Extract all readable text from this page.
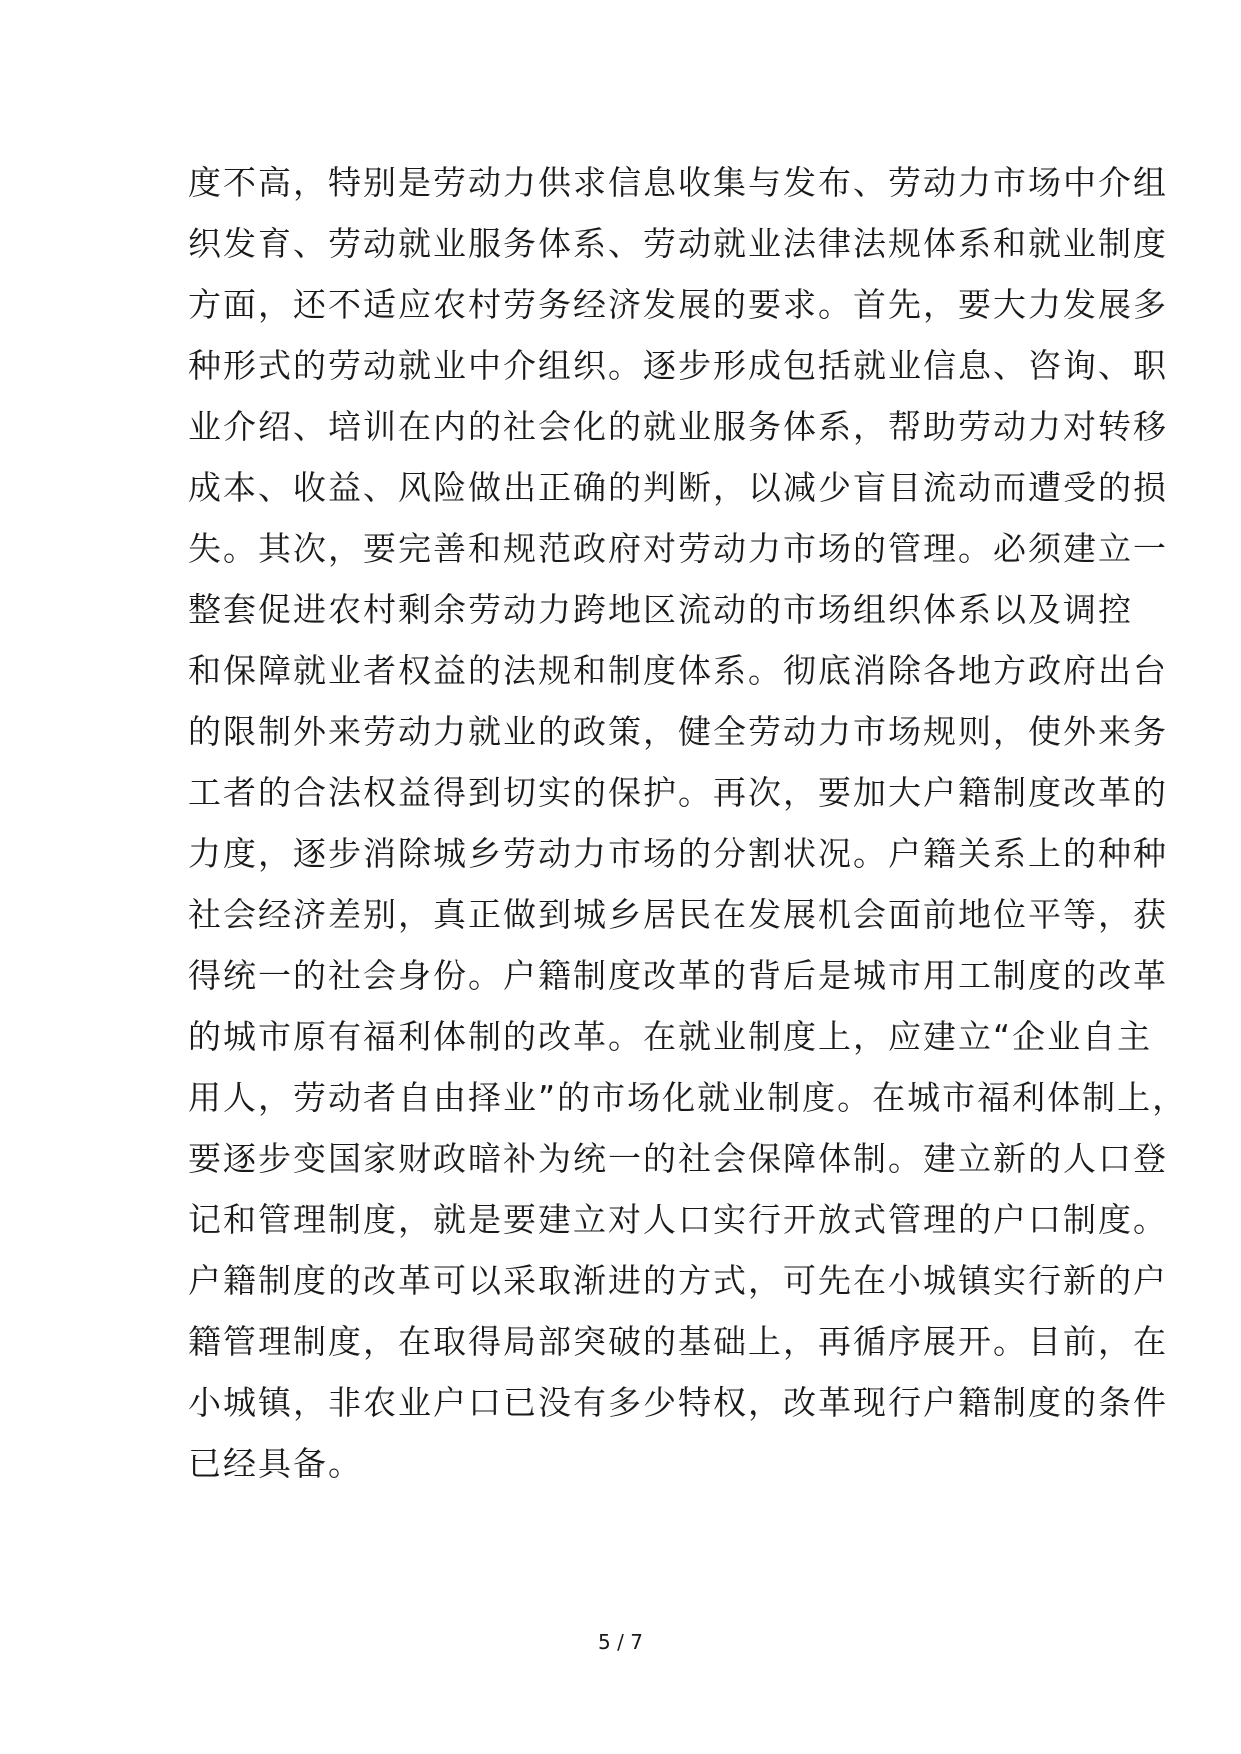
度不高，特别是劳动力供求信息收集与发布、劳动力市场中介组
织发育、劳动就业服务体系、劳动就业法律法规体系和就业制度
方面，还不适应农村劳务经济发展的要求。首先，要大力发展多
种形式的劳动就业中介组织。逐步形成包括就业信息、咨询、职
业介绍、培训在内的社会化的就业服务体系，帮助劳动力对转移
成本、收益、风险做出正确的判断，以减少盲目流动而遭受的损
失。其次，要完善和规范政府对劳动力市场的管理。必须建立一
整套促进农村剩余劳动力跨地区流动的市场组织体系以及调控
和保障就业者权益的法规和制度体系。彻底消除各地方政府出台
的限制外来劳动力就业的政策，健全劳动力市场规则，使外来务
工者的合法权益得到切实的保护。再次，要加大户籍制度改革的
力度，逐步消除城乡劳动力市场的分割状况。户籍关系上的种种
社会经济差别，真正做到城乡居民在发展机会面前地位平等，获
得统一的社会身份。户籍制度改革的背后是城市用工制度的改革
的城市原有福利体制的改革。在就业制度上，应建立“企业自主
用人，劳动者自由择业”的市场化就业制度。在城市福利体制上，
要逐步变国家财政暗补为统一的社会保障体制。建立新的人口登
记和管理制度，就是要建立对人口实行开放式管理的户口制度。
户籍制度的改革可以采取渐进的方式，可先在小城镇实行新的户
籍管理制度，在取得局部突破的基础上，再循序展开。目前，在
小城镇，非农业户口已没有多少特权，改革现行户籍制度的条件
已经具备。
5 / 7
